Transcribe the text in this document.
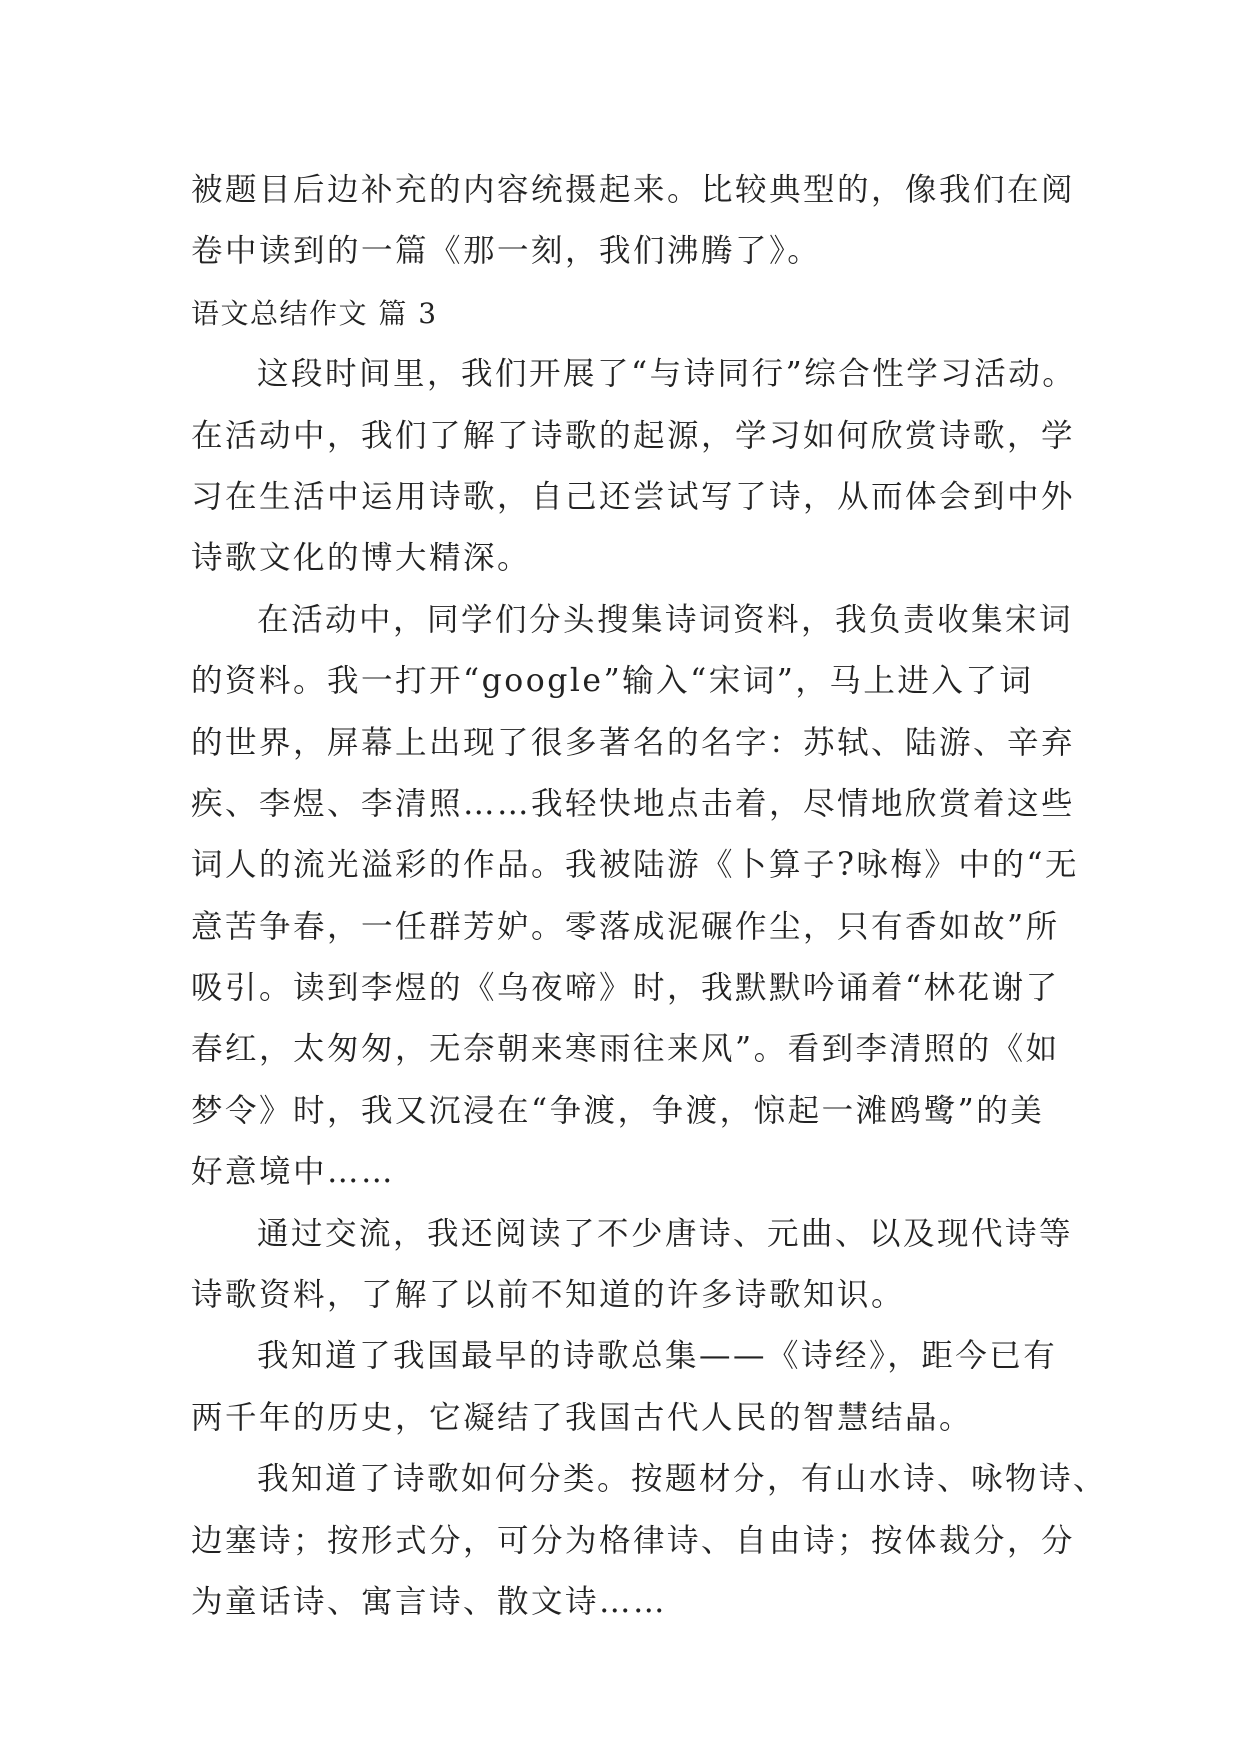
被题目后边补充的内容统摄起来。比较典型的，像我们在阅
卷中读到的一篇《那一刻，我们沸腾了》。
语文总结作文 篇 3
这段时间里，我们开展了“与诗同行”综合性学习活动。
在活动中，我们了解了诗歌的起源，学习如何欣赏诗歌，学
习在生活中运用诗歌，自己还尝试写了诗，从而体会到中外
诗歌文化的博大精深。
在活动中，同学们分头搜集诗词资料，我负责收集宋词
的资料。我一打开“google”输入“宋词”，马上进入了词
的世界，屏幕上出现了很多著名的名字：苏轼、陆游、辛弃
疾、李煜、李清照……我轻快地点击着，尽情地欣赏着这些
词人的流光溢彩的作品。我被陆游《卜算子?咏梅》中的“无
意苦争春，一任群芳妒。零落成泥碾作尘，只有香如故”所
吸引。读到李煜的《乌夜啼》时，我默默吟诵着“林花谢了
春红，太匆匆，无奈朝来寒雨往来风”。看到李清照的《如
梦令》时，我又沉浸在“争渡，争渡，惊起一滩鸥鹭”的美
好意境中……
通过交流，我还阅读了不少唐诗、元曲、以及现代诗等
诗歌资料，了解了以前不知道的许多诗歌知识。
我知道了我国最早的诗歌总集——《诗经》，距今已有
两千年的历史，它凝结了我国古代人民的智慧结晶。
我知道了诗歌如何分类。按题材分，有山水诗、咏物诗、
边塞诗；按形式分，可分为格律诗、自由诗；按体裁分，分
为童话诗、寓言诗、散文诗……
